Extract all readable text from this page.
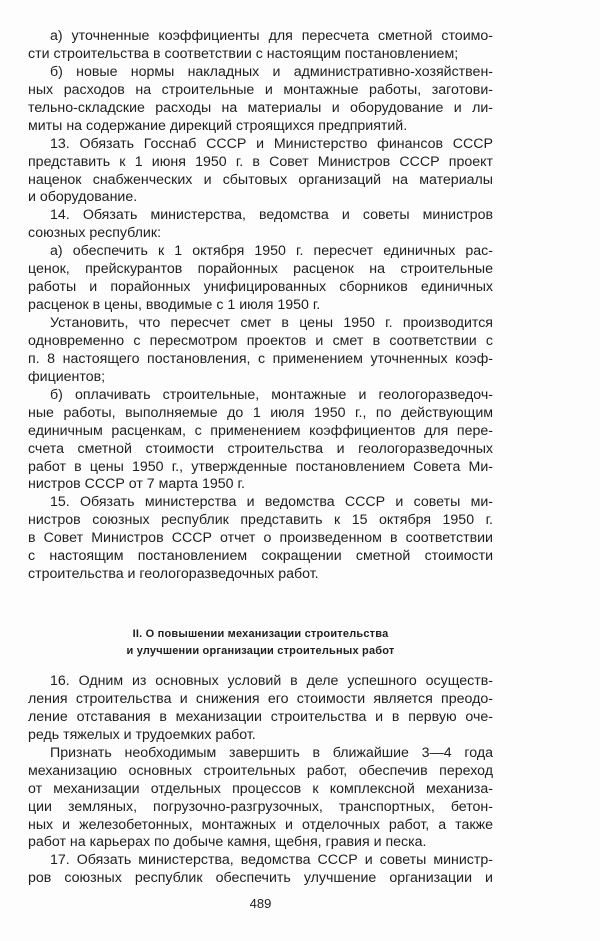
а) уточненные коэффициенты для пересчета сметной стоимо-
сти строительства в соответствии с настоящим постановлением;
б) новые нормы накладных и административно-хозяйствен-
ных расходов на строительные и монтажные работы, заготови-
тельно-складские расходы на материалы и оборудование и ли-
миты на содержание дирекций строящихся предприятий.
13. Обязать Госснаб СССР и Министерство финансов СССР
представить к 1 июня 1950 г. в Совет Министров СССР проект
наценок снабженческих и сбытовых организаций на материалы
и оборудование.
14. Обязать министерства, ведомства и советы министров
союзных республик:
а) обеспечить к 1 октября 1950 г. пересчет единичных рас-
ценок, прейскурантов порайонных расценок на строительные
работы и порайонных унифицированных сборников единичных
расценок в цены, вводимые с 1 июля 1950 г.
Установить, что пересчет смет в цены 1950 г. производится
одновременно с пересмотром проектов и смет в соответствии с
п. 8 настоящего постановления, с применением уточненных коэф-
фициентов;
б) оплачивать строительные, монтажные и геологоразведоч-
ные работы, выполняемые до 1 июля 1950 г., по действующим
единичным расценкам, с применением коэффициентов для пере-
счета сметной стоимости строительства и геологоразведочных
работ в цены 1950 г., утвержденные постановлением Совета Ми-
нистров СССР от 7 марта 1950 г.
15. Обязать министерства и ведомства СССР и советы ми-
нистров союзных республик представить к 15 октября 1950 г.
в Совет Министров СССР отчет о произведенном в соответствии
с настоящим постановлением сокращении сметной стоимости
строительства и геологоразведочных работ.
II. О повышении механизации строительства
и улучшении организации строительных работ
16. Одним из основных условий в деле успешного осуществ-
ления строительства и снижения его стоимости является преодо-
ление отставания в механизации строительства и в первую оче-
редь тяжелых и трудоемких работ.
Признать необходимым завершить в ближайшие 3—4 года
механизацию основных строительных работ, обеспечив переход
от механизации отдельных процессов к комплексной механиза-
ции земляных, погрузочно-разгрузочных, транспортных, бетон-
ных и железобетонных, монтажных и отделочных работ, а также
работ на карьерах по добыче камня, щебня, гравия и песка.
17. Обязать министерства, ведомства СССР и советы министр-
ров союзных республик обеспечить улучшение организации и
489
